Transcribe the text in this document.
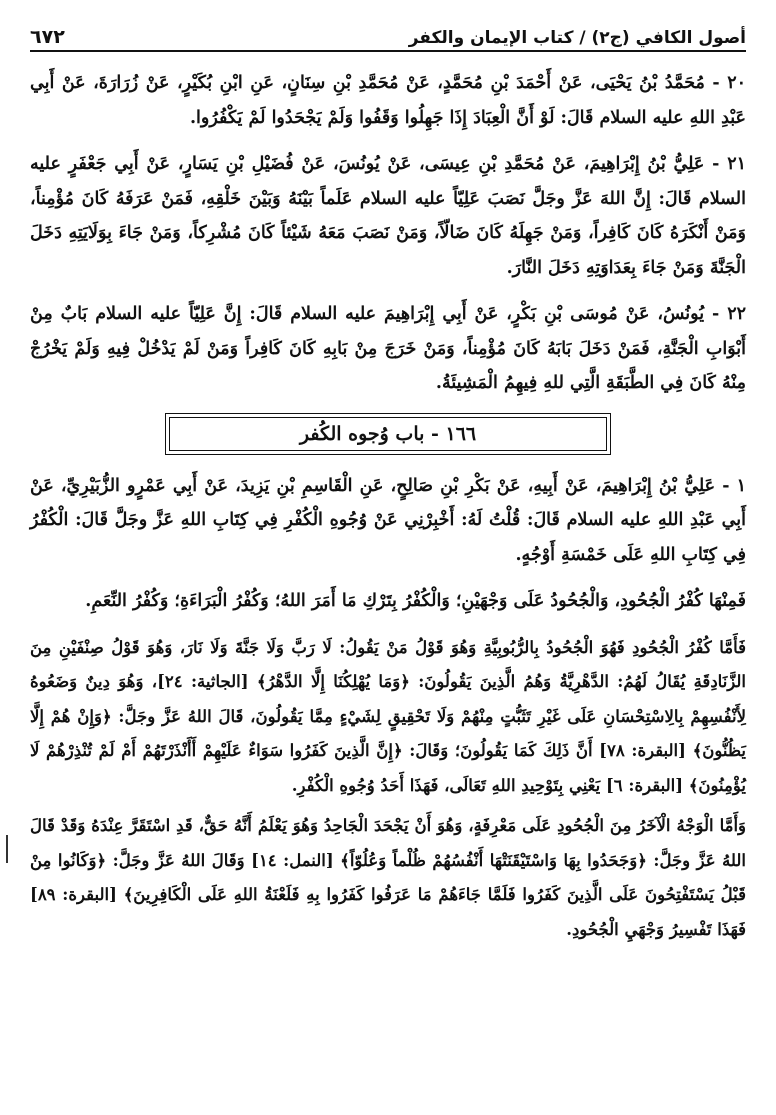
أصول الكافي (ج٢) / كتاب الإيمان والكفر
٦٧٢

٢٠ - مُحَمَّدُ بْنُ يَحْيَى، عَنْ أَحْمَدَ بْنِ مُحَمَّدٍ، عَنْ مُحَمَّدِ بْنِ سِنَانٍ، عَنِ ابْنِ بُكَيْرٍ، عَنْ زُرَارَةَ، عَنْ أَبِي عَبْدِ اللهِ عليه السلام قَالَ: لَوْ أَنَّ الْعِبَادَ إِذَا جَهِلُوا وَقَفُوا وَلَمْ يَجْحَدُوا لَمْ يَكْفُرُوا.

٢١ - عَلِيُّ بْنُ إِبْرَاهِيمَ، عَنْ مُحَمَّدِ بْنِ عِيسَى، عَنْ يُونُسَ، عَنْ فُضَيْلِ بْنِ يَسَارٍ، عَنْ أَبِي جَعْفَرٍ عليه السلام قَالَ: إِنَّ اللهَ عَزَّ وجَلَّ نَصَبَ عَلِيّاً عليه السلام عَلَماً بَيْنَهُ وَبَيْنَ خَلْقِهِ، فَمَنْ عَرَفَهُ كَانَ مُؤْمِناً، وَمَنْ أَنْكَرَهُ كَانَ كَافِراً، وَمَنْ جَهِلَهُ كَانَ ضَالّاً، وَمَنْ نَصَبَ مَعَهُ شَيْئاً كَانَ مُشْرِكاً، وَمَنْ جَاءَ بِوَلَايَتِهِ دَخَلَ الْجَنَّةَ وَمَنْ جَاءَ بِعَدَاوَتِهِ دَخَلَ النَّارَ.

٢٢ - يُونُسُ، عَنْ مُوسَى بْنِ بَكْرٍ، عَنْ أَبِي إِبْرَاهِيمَ عليه السلام قَالَ: إِنَّ عَلِيّاً عليه السلام بَابٌ مِنْ أَبْوَابِ الْجَنَّةِ، فَمَنْ دَخَلَ بَابَهُ كَانَ مُؤْمِناً، وَمَنْ خَرَجَ مِنْ بَابِهِ كَانَ كَافِراً وَمَنْ لَمْ يَدْخُلْ فِيهِ وَلَمْ يَخْرُجْ مِنْهُ كَانَ فِي الطَّبَقَةِ الَّتِي للهِ فِيهِمُ الْمَشِيئَةُ.

١٦٦ - باب وُجوه الكُفر

١ - عَلِيُّ بْنُ إِبْرَاهِيمَ، عَنْ أَبِيهِ، عَنْ بَكْرِ بْنِ صَالِحٍ، عَنِ الْقَاسِمِ بْنِ يَزِيدَ، عَنْ أَبِي عَمْرٍو الزُّبَيْرِيِّ، عَنْ أَبِي عَبْدِ اللهِ عليه السلام قَالَ: قُلْتُ لَهُ: أَخْبِرْنِي عَنْ وُجُوهِ الْكُفْرِ فِي كِتَابِ اللهِ عَزَّ وجَلَّ قَالَ: الْكُفْرُ فِي كِتَابِ اللهِ عَلَى خَمْسَةِ أَوْجُهٍ.

فَمِنْهَا كُفْرُ الْجُحُودِ، وَالْجُحُودُ عَلَى وَجْهَيْنِ؛ وَالْكُفْرُ بِتَرْكِ مَا أَمَرَ اللهُ؛ وَكُفْرُ الْبَرَاءَةِ؛ وَكُفْرُ النِّعَمِ.

فَأَمَّا كُفْرُ الْجُحُودِ فَهُوَ الْجُحُودُ بِالرُّبُوبِيَّةِ وَهُوَ قَوْلُ مَنْ يَقُولُ: لَا رَبَّ وَلَا جَنَّةَ وَلَا نَارَ، وَهُوَ قَوْلُ صِنْفَيْنِ مِنَ الزَّنَادِقَةِ يُقَالُ لَهُمُ: الدَّهْرِيَّةُ وَهُمُ الَّذِينَ يَقُولُونَ: ﴿وَمَا يُهْلِكُنَا إِلَّا الدَّهْرُ﴾ [الجاثية: ٢٤]، وَهُوَ دِينٌ وَضَعُوهُ لِأَنْفُسِهِمْ بِالِاسْتِحْسَانِ عَلَى غَيْرِ تَثَبُّتٍ مِنْهُمْ وَلَا تَحْقِيقٍ لِشَيْءٍ مِمَّا يَقُولُونَ، قَالَ اللهُ عَزَّ وجَلَّ: ﴿وَإِنْ هُمْ إِلَّا يَظُنُّونَ﴾ [البقرة: ٧٨] أَنَّ ذَلِكَ كَمَا يَقُولُونَ؛ وَقَالَ: ﴿إِنَّ الَّذِينَ كَفَرُوا سَوَاءٌ عَلَيْهِمْ أَأَنْذَرْتَهُمْ أَمْ لَمْ تُنْذِرْهُمْ لَا يُؤْمِنُونَ﴾ [البقرة: ٦] يَعْنِي بِتَوْحِيدِ اللهِ تَعَالَى، فَهَذَا أَحَدُ وُجُوهِ الْكُفْرِ.

وَأَمَّا الْوَجْهُ الْآخَرُ مِنَ الْجُحُودِ عَلَى مَعْرِفَةٍ، وَهُوَ أَنْ يَجْحَدَ الْجَاحِدُ وَهُوَ يَعْلَمُ أَنَّهُ حَقٌّ، قَدِ اسْتَقَرَّ عِنْدَهُ وَقَدْ قَالَ اللهُ عَزَّ وجَلَّ: ﴿وَجَحَدُوا بِهَا وَاسْتَيْقَنَتْهَا أَنْفُسُهُمْ ظُلْماً وَعُلُوّاً﴾ [النمل: ١٤] وَقَالَ اللهُ عَزَّ وجَلَّ: ﴿وَكَانُوا مِنْ قَبْلُ يَسْتَفْتِحُونَ عَلَى الَّذِينَ كَفَرُوا فَلَمَّا جَاءَهُمْ مَا عَرَفُوا كَفَرُوا بِهِ فَلَعْنَةُ اللهِ عَلَى الْكَافِرِينَ﴾ [البقرة: ٨٩] فَهَذَا تَفْسِيرُ وَجْهَيِ الْجُحُودِ.
